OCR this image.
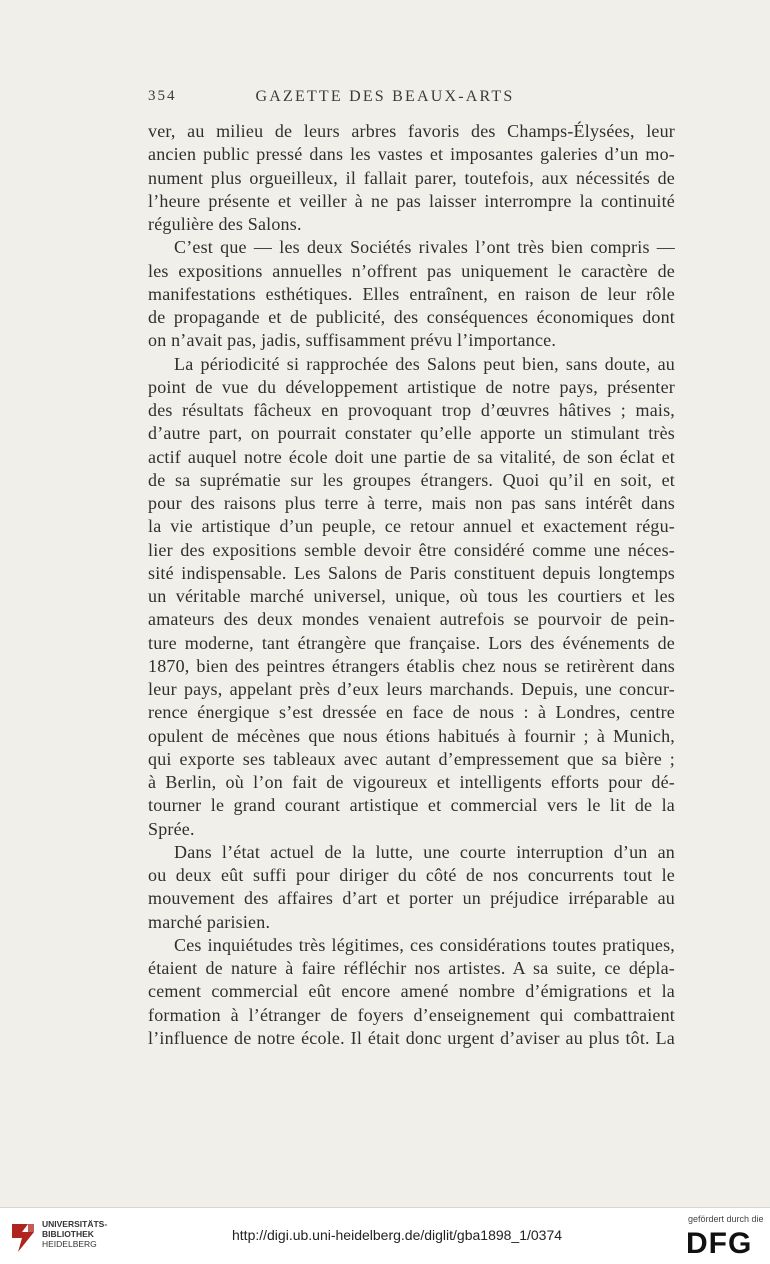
354	GAZETTE DES BEAUX-ARTS
ver, au milieu de leurs arbres favoris des Champs-Élysées, leur
ancien public pressé dans les vastes et imposantes galeries d’un mo-
nument plus orgueilleux, il fallait parer, toutefois, aux nécessités de
l’heure présente et veiller à ne pas laisser interrompre la continuité
régulière des Salons.
C’est que — les deux Sociétés rivales l’ont très bien compris —
les expositions annuelles n’offrent pas uniquement le caractère de
manifestations esthétiques. Elles entraînent, en raison de leur rôle
de propagande et de publicité, des conséquences économiques dont
on n’avait pas, jadis, suffisamment prévu l’importance.
La périodicité si rapprochée des Salons peut bien, sans doute, au
point de vue du développement artistique de notre pays, présenter
des résultats fâcheux en provoquant trop d’œuvres hâtives ; mais,
d’autre part, on pourrait constater qu’elle apporte un stimulant très
actif auquel notre école doit une partie de sa vitalité, de son éclat et
de sa suprématie sur les groupes étrangers. Quoi qu’il en soit, et
pour des raisons plus terre à terre, mais non pas sans intérêt dans
la vie artistique d’un peuple, ce retour annuel et exactement régu-
lier des expositions semble devoir être considéré comme une néces-
sité indispensable. Les Salons de Paris constituent depuis longtemps
un véritable marché universel, unique, où tous les courtiers et les
amateurs des deux mondes venaient autrefois se pourvoir de pein-
ture moderne, tant étrangère que française. Lors des événements de
1870, bien des peintres étrangers établis chez nous se retirèrent dans
leur pays, appelant près d’eux leurs marchands. Depuis, une concur-
rence énergique s’est dressée en face de nous : à Londres, centre
opulent de mécènes que nous étions habitués à fournir ; à Munich,
qui exporte ses tableaux avec autant d’empressement que sa bière ;
à Berlin, où l’on fait de vigoureux et intelligents efforts pour dé-
tourner le grand courant artistique et commercial vers le lit de la
Sprée.
Dans l’état actuel de la lutte, une courte interruption d’un an
ou deux eût suffi pour diriger du côté de nos concurrents tout le
mouvement des affaires d’art et porter un préjudice irréparable au
marché parisien.
Ces inquiétudes très légitimes, ces considérations toutes pratiques,
étaient de nature à faire réfléchir nos artistes. A sa suite, ce dépla-
cement commercial eût encore amené nombre d’émigrations et la
formation à l’étranger de foyers d’enseignement qui combattraient
l’influence de notre école. Il était donc urgent d’aviser au plus tôt. La
UNIVERSITÄTS-
BIBLIOTHEK
HEIDELBERG
http://digi.ub.uni-heidelberg.de/diglit/gba1898_1/0374
gefördert durch die
DFG
